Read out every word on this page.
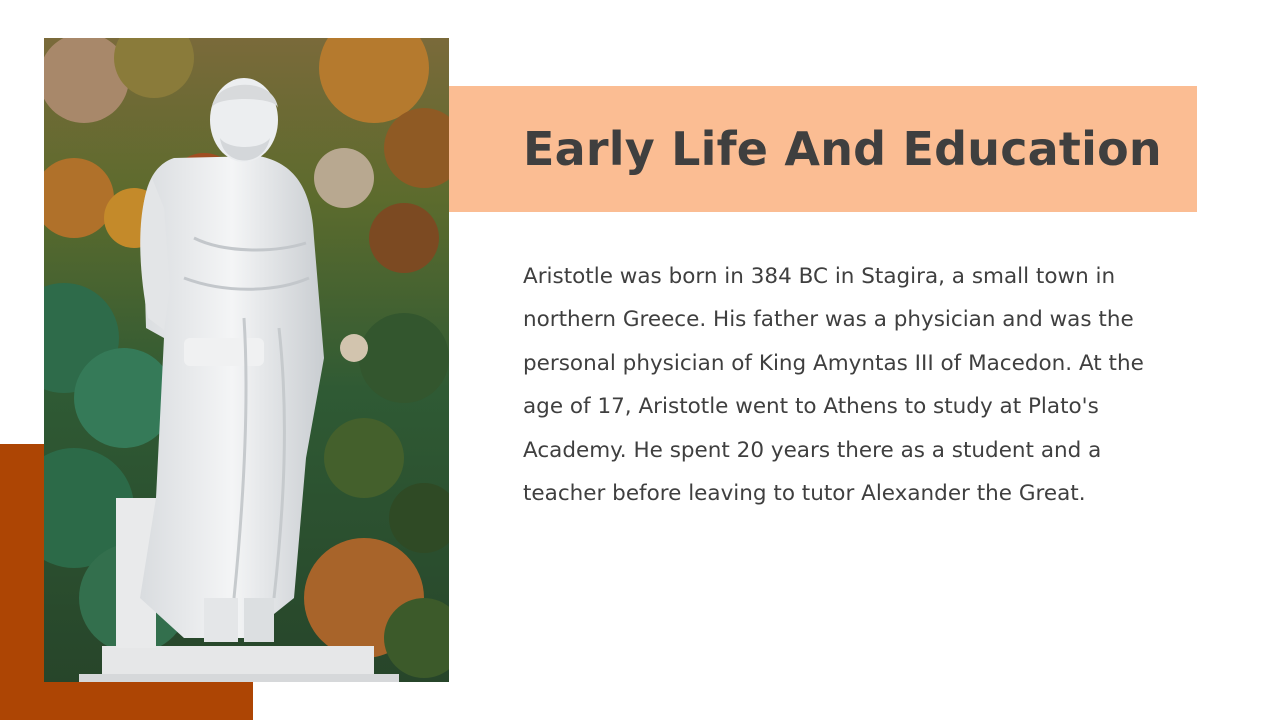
Early Life And Education

Aristotle was born in 384 BC in Stagira, a small town in northern Greece. His father was a physician and was the personal physician of King Amyntas III of Macedon. At the age of 17, Aristotle went to Athens to study at Plato's Academy. He spent 20 years there as a student and a teacher before leaving to tutor Alexander the Great.
